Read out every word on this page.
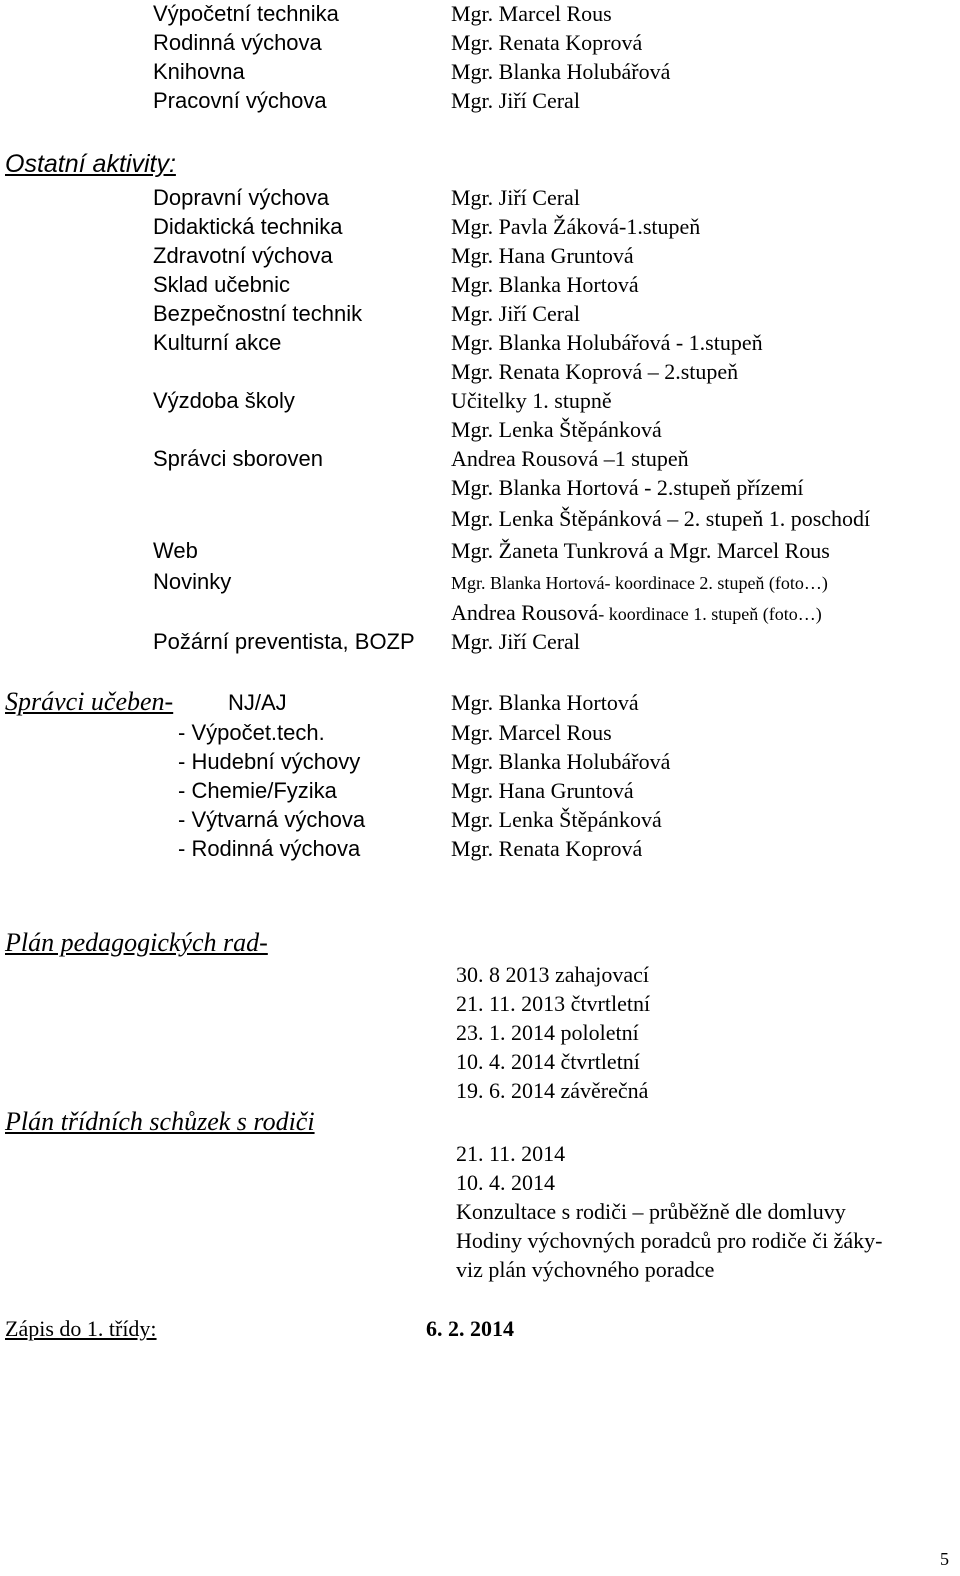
Výpočetní technika
Rodinná výchova
Knihovna
Pracovní výchova
Mgr. Marcel Rous
Mgr. Renata Koprová
Mgr. Blanka Holubářová
Mgr. Jiří Ceral
Ostatní aktivity:
Dopravní výchova
Didaktická technika
Zdravotní výchova
Sklad učebnic
Bezpečnostní technik
Kulturní akce
Výzdoba školy
Správci sboroven
Web
Novinky
Požární preventista, BOZP
Mgr. Jiří Ceral
Mgr. Pavla Žáková-1.stupeň
Mgr. Hana Gruntová
Mgr. Blanka Hortová
Mgr. Jiří Ceral
Mgr. Blanka Holubářová - 1.stupeň
Mgr. Renata Koprová – 2.stupeň
Učitelky 1. stupně
Mgr. Lenka Štěpánková
Andrea Rousová –1 stupeň
Mgr. Blanka Hortová - 2.stupeň přízemí
Mgr. Lenka Štěpánková – 2. stupeň 1. poschodí
Mgr. Žaneta Tunkrová a Mgr. Marcel Rous
Mgr. Blanka Hortová- koordinace 2. stupeň (foto…)
Andrea Rousová- koordinace 1. stupeň (foto…)
Mgr. Jiří Ceral
Správci učeben- NJ/AJ
- Výpočet.tech.
- Hudební výchovy
- Chemie/Fyzika
- Výtvarná výchova
- Rodinná výchova
Mgr. Blanka Hortová
Mgr. Marcel Rous
Mgr. Blanka Holubářová
Mgr. Hana Gruntová
Mgr. Lenka Štěpánková
Mgr. Renata Koprová
Plán pedagogických rad-
30. 8 2013 zahajovací
21. 11. 2013 čtvrtletní
23. 1. 2014 pololetní
10. 4. 2014 čtvrtletní
19. 6. 2014 závěrečná
Plán třídních schůzek s rodiči
21. 11. 2014
10. 4. 2014
Konzultace s rodiči – průběžně dle domluvy
Hodiny výchovných poradců pro rodiče či žáky-
viz plán výchovného poradce
Zápis do 1. třídy:	6. 2. 2014
5
